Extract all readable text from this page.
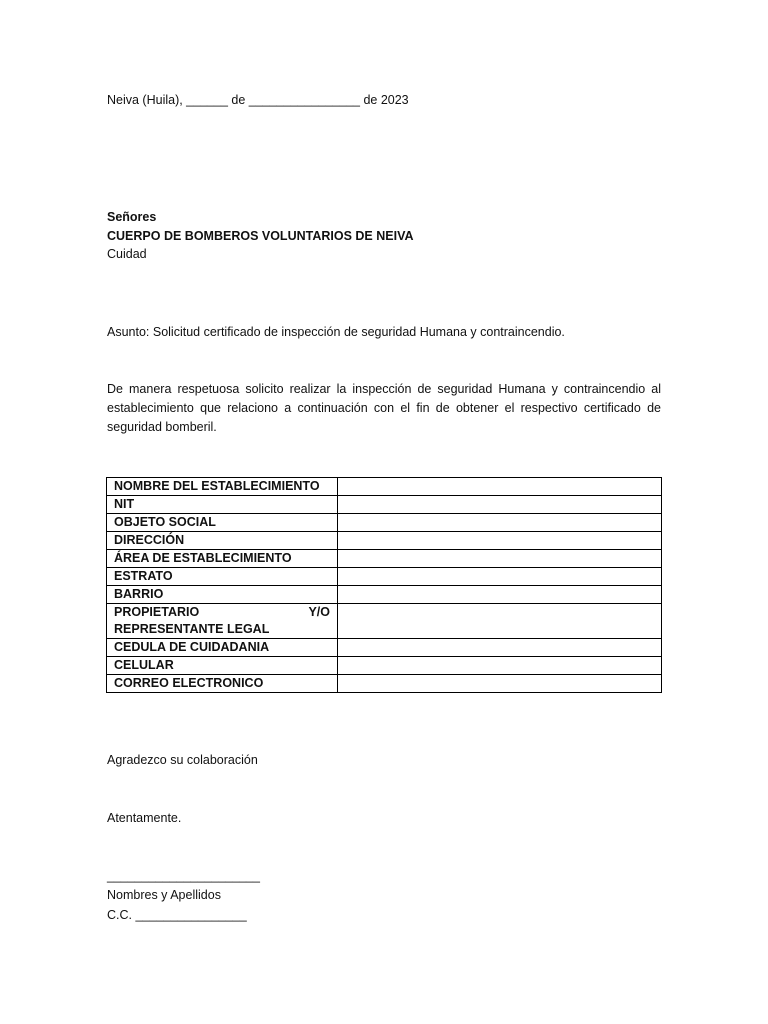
Neiva (Huila), ______ de ________________ de 2023
Señores
CUERPO DE BOMBEROS VOLUNTARIOS DE NEIVA
Cuidad
Asunto: Solicitud certificado de inspección de seguridad Humana y contraincendio.
De manera respetuosa solicito realizar la inspección de seguridad Humana y contraincendio al establecimiento que relaciono a continuación con el fin de obtener el respectivo certificado de seguridad bomberil.
NOMBRE DEL ESTABLECIMIENTO	
NIT	
OBJETO SOCIAL	
DIRECCIÓN	
ÁREA DE ESTABLECIMIENTO	
ESTRATO	
BARRIO	
PROPIETARIO Y/O REPRESENTANTE LEGAL	
CEDULA DE CUIDADANIA	
CELULAR	
CORREO ELECTRONICO	
Agradezco su colaboración
Atentamente.
______________________
Nombres y Apellidos
C.C. ________________
